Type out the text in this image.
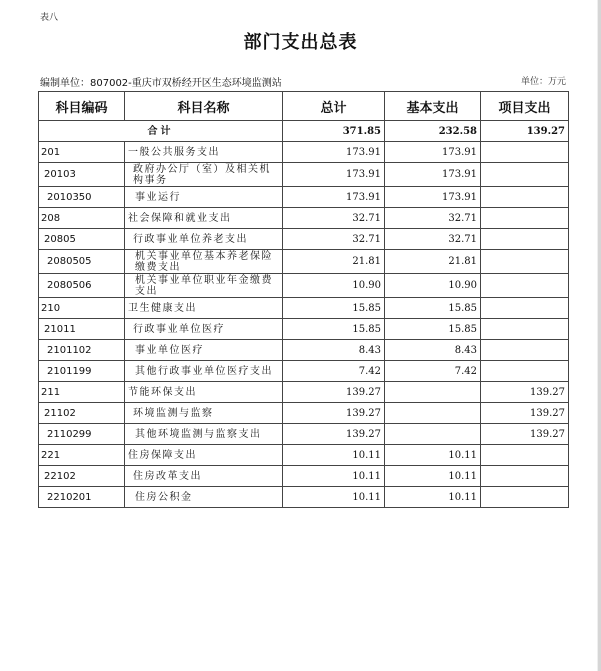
表八
部门支出总表
编制单位：807002-重庆市双桥经开区生态环境监测站	单位：万元
科目编码	科目名称	总计	基本支出	项目支出
合计		371.85	232.58	139.27
201	一般公共服务支出	173.91	173.91	
20103	政府办公厅（室）及相关机构事务	173.91	173.91	
2010350	事业运行	173.91	173.91	
208	社会保障和就业支出	32.71	32.71	
20805	行政事业单位养老支出	32.71	32.71	
2080505	机关事业单位基本养老保险缴费支出	21.81	21.81	
2080506	机关事业单位职业年金缴费支出	10.90	10.90	
210	卫生健康支出	15.85	15.85	
21011	行政事业单位医疗	15.85	15.85	
2101102	事业单位医疗	8.43	8.43	
2101199	其他行政事业单位医疗支出	7.42	7.42	
211	节能环保支出	139.27		139.27
21102	环境监测与监察	139.27		139.27
2110299	其他环境监测与监察支出	139.27		139.27
221	住房保障支出	10.11	10.11	
22102	住房改革支出	10.11	10.11	
2210201	住房公积金	10.11	10.11	
